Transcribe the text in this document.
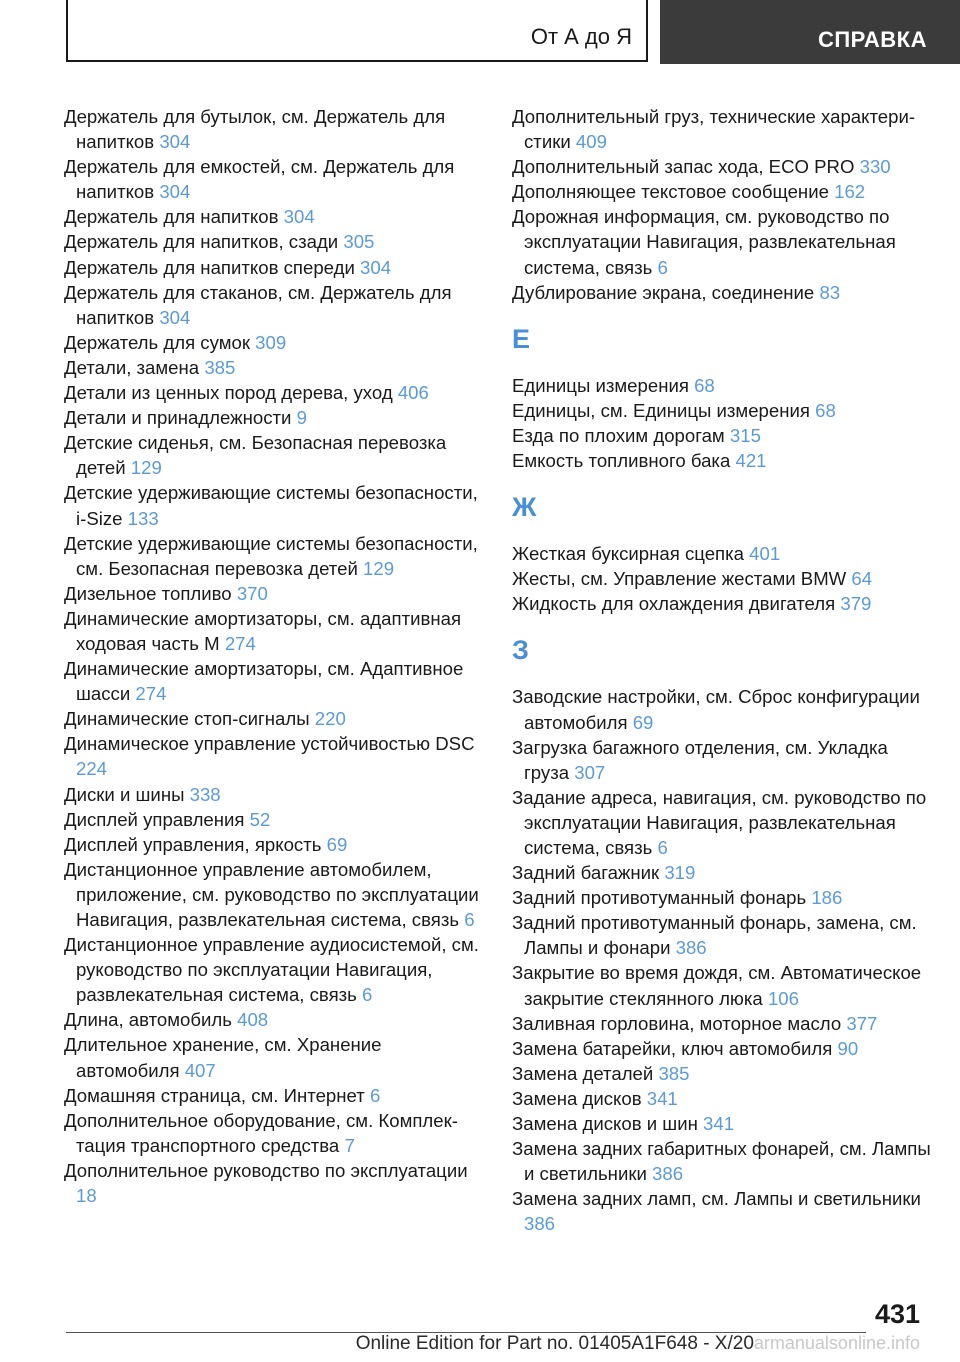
От А до Я	СПРАВКА

Держатель для бутылок, см. Держатель для напитков 304

Держатель для емкостей, см. Держатель для напитков 304

Держатель для напитков 304

Держатель для напитков, сзади 305

Держатель для напитков спереди 304

Держатель для стаканов, см. Держатель для напитков 304

Держатель для сумок 309

Детали, замена 385

Детали из ценных пород дерева, уход 406

Детали и принадлежности 9

Детские сиденья, см. Безопасная перевозка детей 129

Детские удерживающие системы безопасности, i-Size 133

Детские удерживающие системы безопасности, см. Безопасная перевозка детей 129

Дизельное топливо 370

Динамические амортизаторы, см. адаптивная ходовая часть M 274

Динамические амортизаторы, см. Адаптивное шасси 274

Динамические стоп-сигналы 220

Динамическое управление устойчивостью DSC 224

Диски и шины 338

Дисплей управления 52

Дисплей управления, яркость 69

Дистанционное управление автомобилем, приложение, см. руководство по эксплуатации Навигация, развлекательная система, связь 6

Дистанционное управление аудиосистемой, см. руководство по эксплуатации Навигация, развлекательная система, связь 6

Длина, автомобиль 408

Длительное хранение, см. Хранение автомобиля 407

Домашняя страница, см. Интернет 6

Дополнительное оборудование, см. Комплектация транспортного средства 7

Дополнительное руководство по эксплуатации 18

Дополнительный груз, технические характеристики 409

Дополнительный запас хода, ECO PRO 330

Дополняющее текстовое сообщение 162

Дорожная информация, см. руководство по эксплуатации Навигация, развлекательная система, связь 6

Дублирование экрана, соединение 83

Е

Единицы измерения 68

Единицы, см. Единицы измерения 68

Езда по плохим дорогам 315

Емкость топливного бака 421

Ж

Жесткая буксирная сцепка 401

Жесты, см. Управление жестами BMW 64

Жидкость для охлаждения двигателя 379

З

Заводские настройки, см. Сброс конфигурации автомобиля 69

Загрузка багажного отделения, см. Укладка груза 307

Задание адреса, навигация, см. руководство по эксплуатации Навигация, развлекательная система, связь 6

Задний багажник 319

Задний противотуманный фонарь 186

Задний противотуманный фонарь, замена, см. Лампы и фонари 386

Закрытие во время дождя, см. Автоматическое закрытие стеклянного люка 106

Заливная горловина, моторное масло 377

Замена батарейки, ключ автомобиля 90

Замена деталей 385

Замена дисков 341

Замена дисков и шин 341

Замена задних габаритных фонарей, см. Лампы и светильники 386

Замена задних ламп, см. Лампы и светильники 386

431
Online Edition for Part no. 01405A1F648 - X/20armanualsonline.info
